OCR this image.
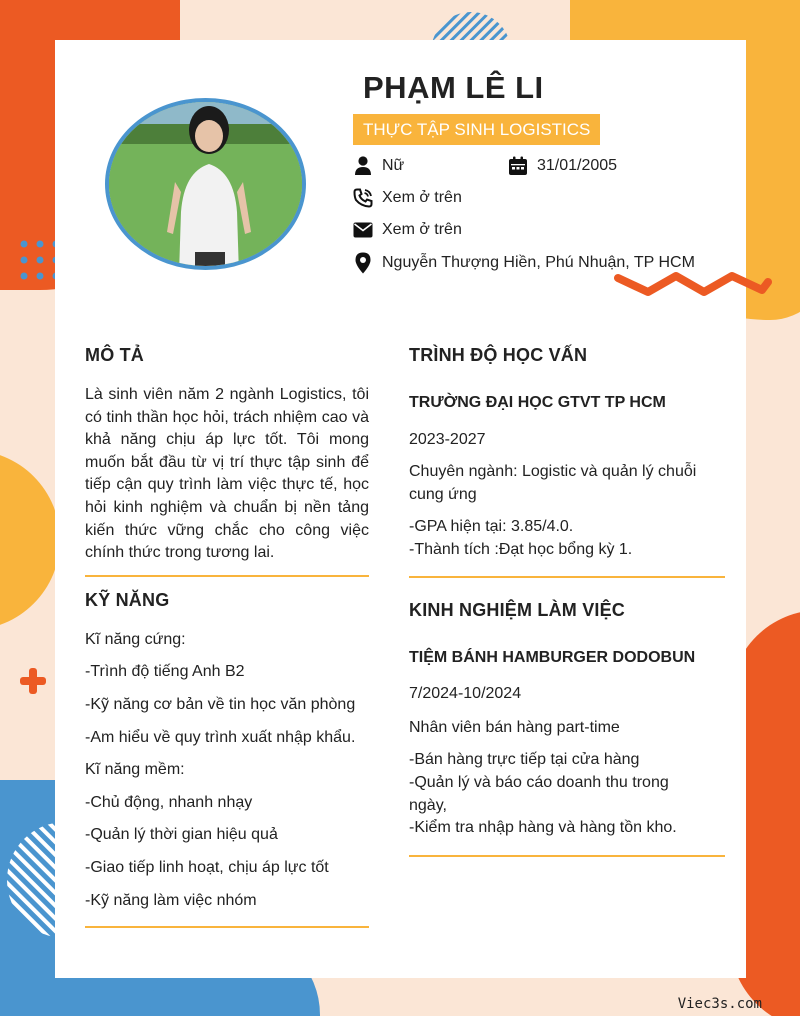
PHẠM LÊ LI
THỰC TẬP SINH LOGISTICS
Nữ	31/01/2005
Xem ở trên
Xem ở trên
Nguyễn Thượng Hiền, Phú Nhuận, TP HCM
MÔ TẢ
Là sinh viên năm 2 ngành Logistics, tôi có tinh thần học hỏi, trách nhiệm cao và khả năng chịu áp lực tốt. Tôi mong muốn bắt đầu từ vị trí thực tập sinh để tiếp cận quy trình làm việc thực tế, học hỏi kinh nghiệm và chuẩn bị nền tảng kiến thức vững chắc cho công việc chính thức trong tương lai.
KỸ NĂNG
Kĩ năng cứng:
-Trình độ tiếng Anh B2
-Kỹ năng cơ bản về tin học văn phòng
-Am hiểu về quy trình xuất nhập khẩu.
Kĩ năng mềm:
-Chủ động, nhanh nhạy
-Quản lý thời gian hiệu quả
-Giao tiếp linh hoạt, chịu áp lực tốt
-Kỹ năng làm việc nhóm
TRÌNH ĐỘ HỌC VẤN
TRƯỜNG ĐẠI HỌC GTVT TP HCM
2023-2027
Chuyên ngành: Logistic và quản lý chuỗi cung ứng
-GPA hiện tại: 3.85/4.0.
-Thành tích :Đạt học bổng kỳ 1.
KINH NGHIỆM LÀM VIỆC
TIỆM BÁNH HAMBURGER DODOBUN
7/2024-10/2024
Nhân viên bán hàng part-time
-Bán hàng trực tiếp tại cửa hàng
-Quản lý và báo cáo doanh thu trong ngày,
-Kiểm tra nhập hàng và hàng tồn kho.
Viec3s.com
